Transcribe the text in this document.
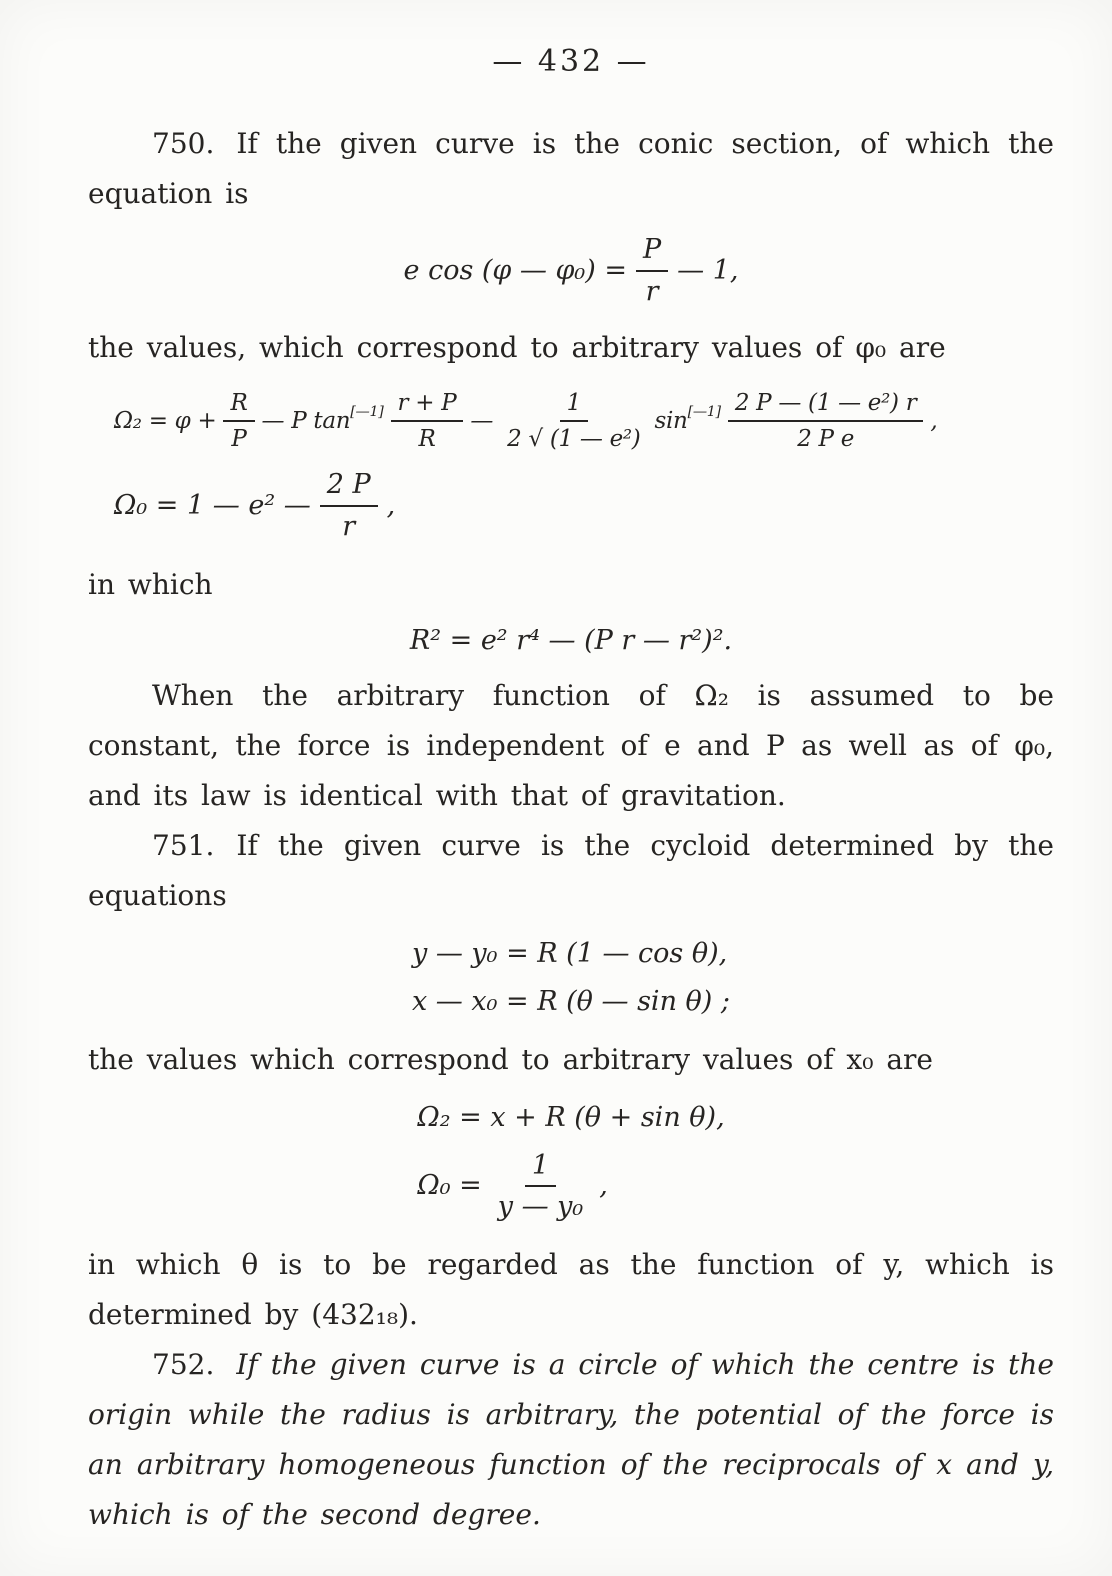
— 432 —

750. If the given curve is the conic section, of which the equation is

e cos (φ — $\varphi_0) = \frac{P}{r}$ — 1,

the values, which correspond to arbitrary values of φ₀ are

$\Omega_2 = \varphi + \frac{R}{P}$ — P $\tan[—1] \frac{r + P}{R}$ — $\frac{1}{\text{2 √ (1 — e²)}} \sin[—1] \frac{\text{2 P — (1 — e²) r}}{\text{2 P e}}$ ,
Ω₀ = 1 — e² — $\frac{2 P}{r}$ ,

in which

R² = e² r⁴ — (P r — r²)².

When the arbitrary function of Ω₂ is assumed to be constant, the force is independent of e and P as well as of φ₀, and its law is identical with that of gravitation.

751. If the given curve is the cycloid determined by the equations

y — y₀ = R (1 — cos θ),
x — x₀ = R (θ — sin θ) ;

the values which correspond to arbitrary values of x₀ are

Ω₂ = x + R (θ + sin θ),
$\Omega_0 = \frac{1}{\text{y — y₀}}$ ,

in which θ is to be regarded as the function of y, which is determined by (432₁₈).

752. If the given curve is a circle of which the centre is the origin while the radius is arbitrary, the potential of the force is an arbitrary homogeneous function of the reciprocals of x and y, which is of the second degree.
